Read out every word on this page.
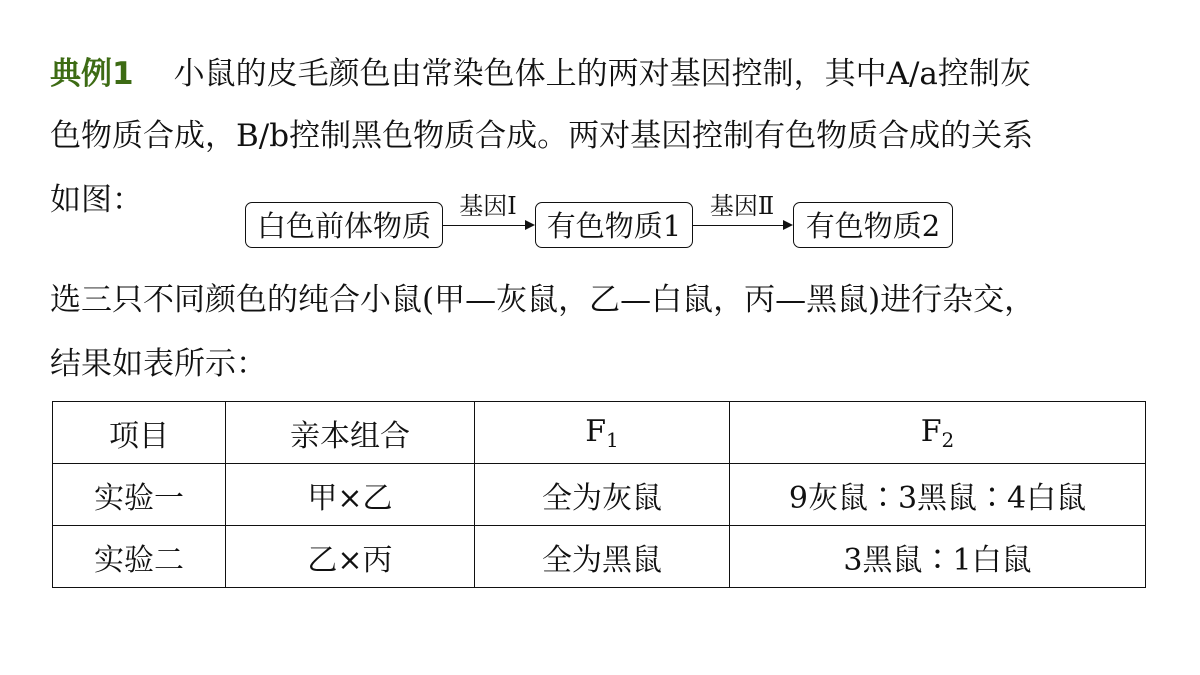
典例1 小鼠的皮毛颜色由常染色体上的两对基因控制，其中A/a控制灰
色物质合成，B/b控制黑色物质合成。两对基因控制有色物质合成的关系
如图：
白色前体物质
基因Ⅰ
有色物质1
基因Ⅱ
有色物质2
选三只不同颜色的纯合小鼠(甲—灰鼠，乙—白鼠，丙—黑鼠)进行杂交，
结果如表所示：
项目	亲本组合	$F_1$	$F_2$
实验一	甲×乙	全为灰鼠	9灰鼠∶3黑鼠∶4白鼠
实验二	乙×丙	全为黑鼠	3黑鼠∶1白鼠
